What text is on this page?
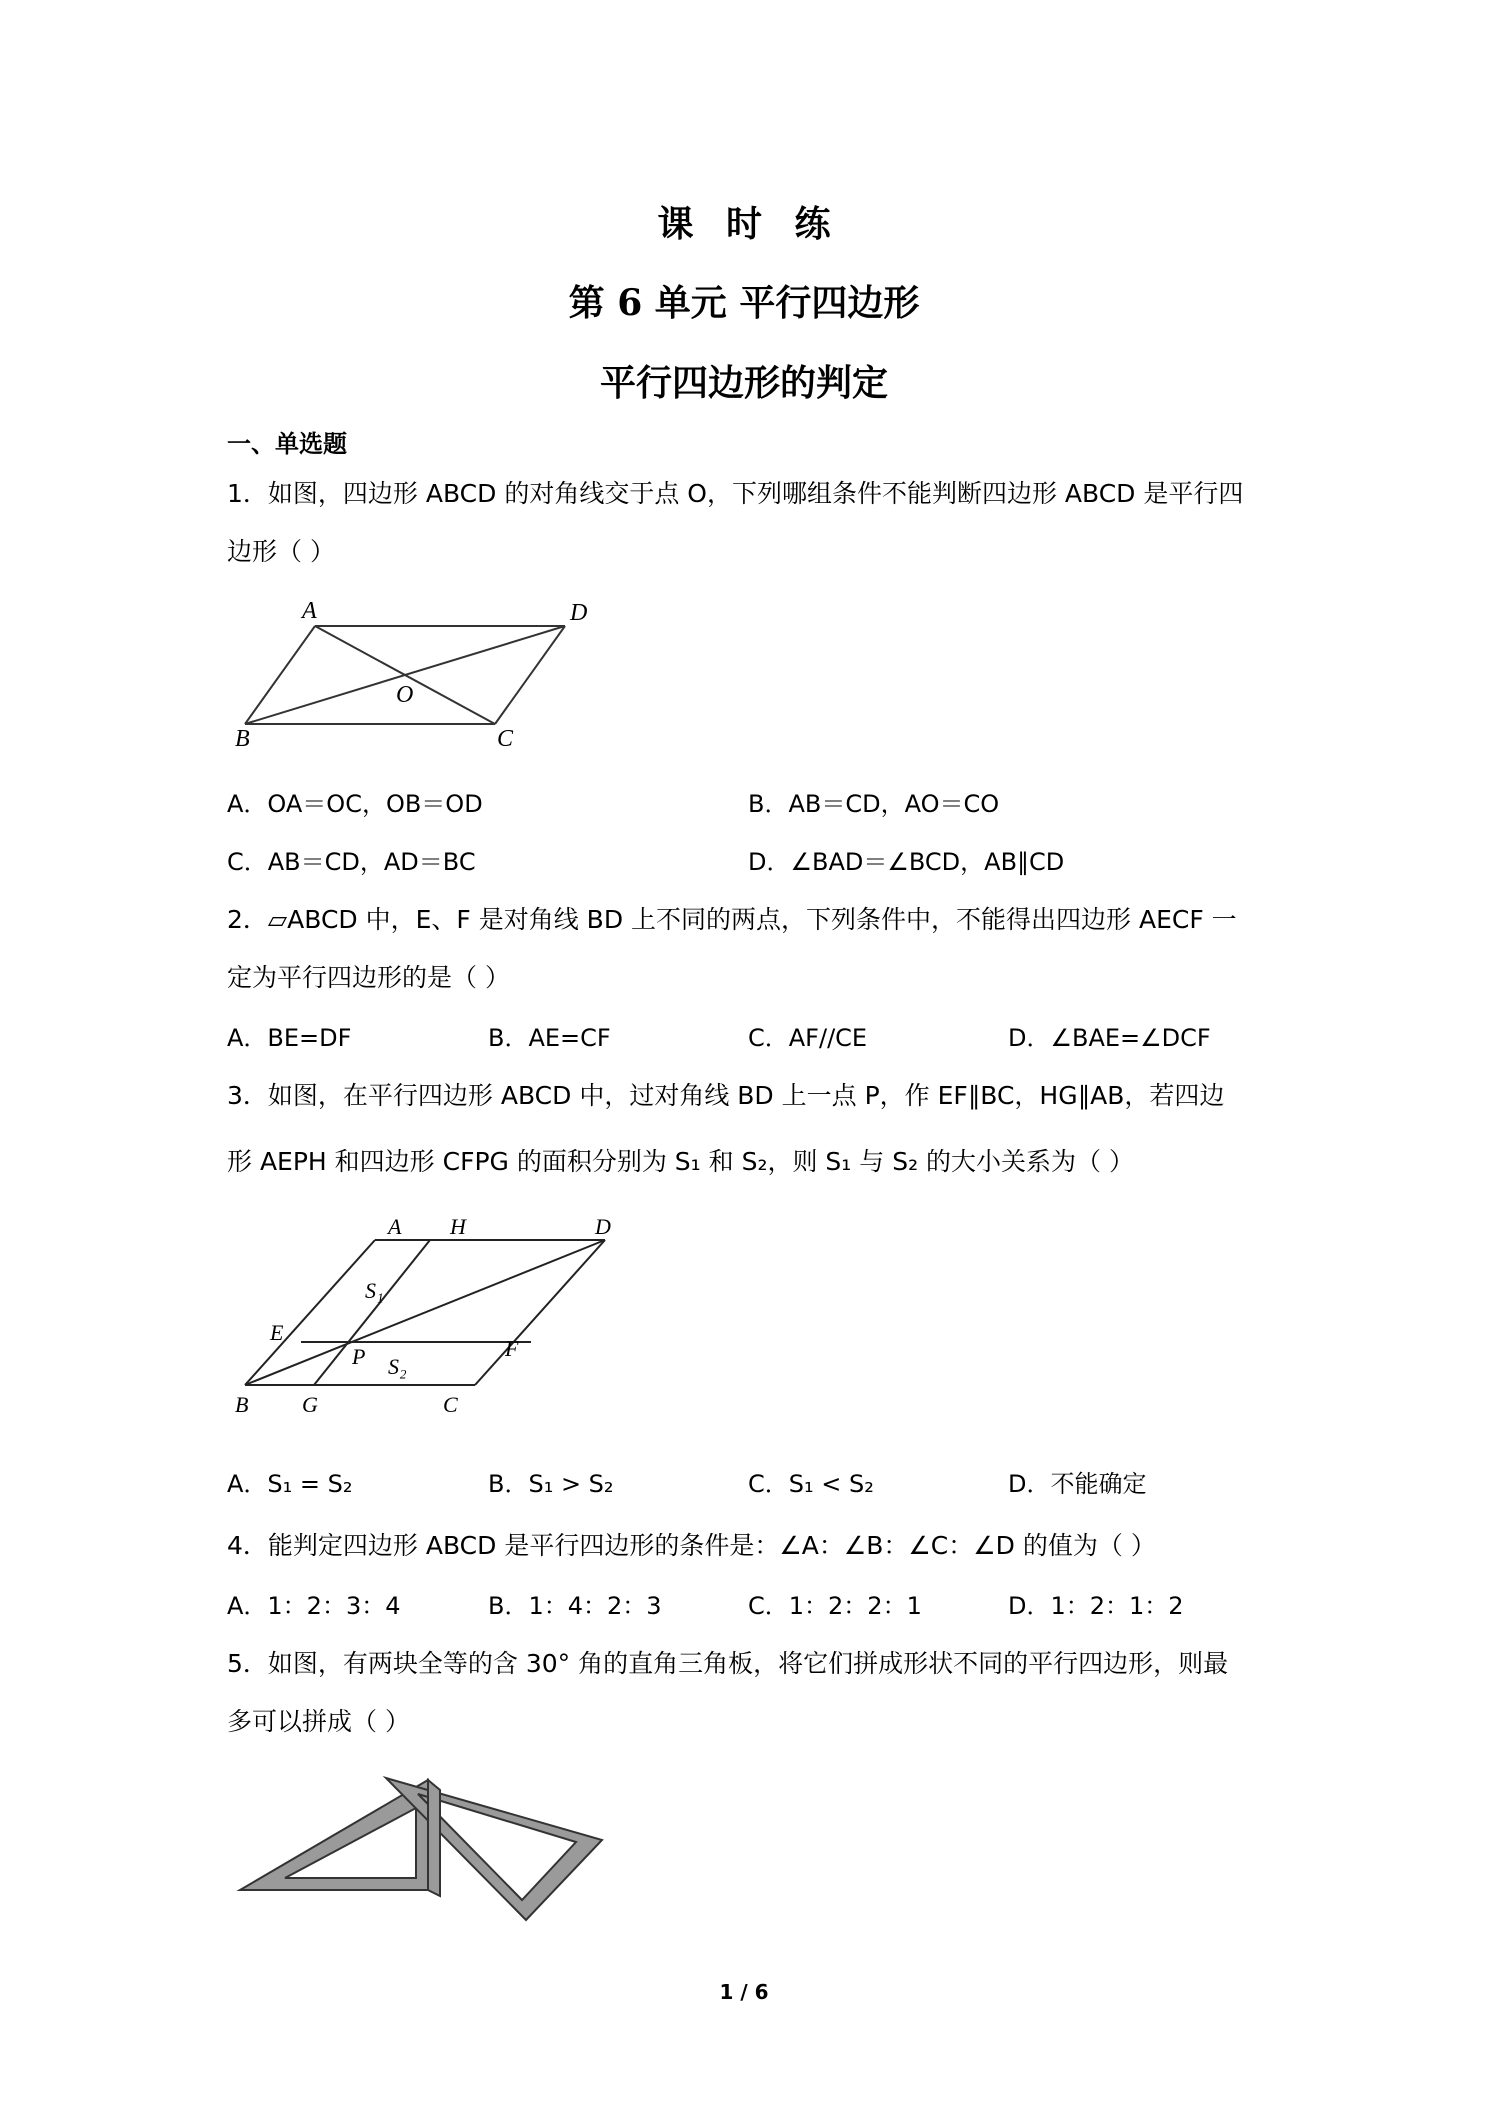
课 时 练
第 6 单元 平行四边形
平行四边形的判定
一、单选题
1．如图，四边形 ABCD 的对角线交于点 O，下列哪组条件不能判断四边形 ABCD 是平行四
边形（ ）
A	D
O
B	C
A．OA＝OC，OB＝OD	B．AB＝CD，AO＝CO
C．AB＝CD，AD＝BC	D．∠BAD＝∠BCD，AB∥CD
2．▱ABCD 中，E、F 是对角线 BD 上不同的两点，下列条件中，不能得出四边形 AECF 一
定为平行四边形的是（ ）
A．BE=DF	B．AE=CF	C．AF//CE	D．∠BAE=∠DCF
3．如图，在平行四边形 ABCD 中，过对角线 BD 上一点 P，作 EF∥BC，HG∥AB，若四边
形 AEPH 和四边形 CFPG 的面积分别为 S₁ 和 S₂，则 S₁ 与 S₂ 的大小关系为（ ）
A H	D
S₁
E
P	F
S₂
B G	C
A．S₁ = S₂	B．S₁ > S₂	C．S₁ < S₂	D．不能确定
4．能判定四边形 ABCD 是平行四边形的条件是：∠A：∠B：∠C：∠D 的值为（ ）
A．1：2：3：4	B．1：4：2：3	C．1：2：2：1	D．1：2：1：2
5．如图，有两块全等的含 30° 角的直角三角板，将它们拼成形状不同的平行四边形，则最
多可以拼成（ ）
1 / 6
